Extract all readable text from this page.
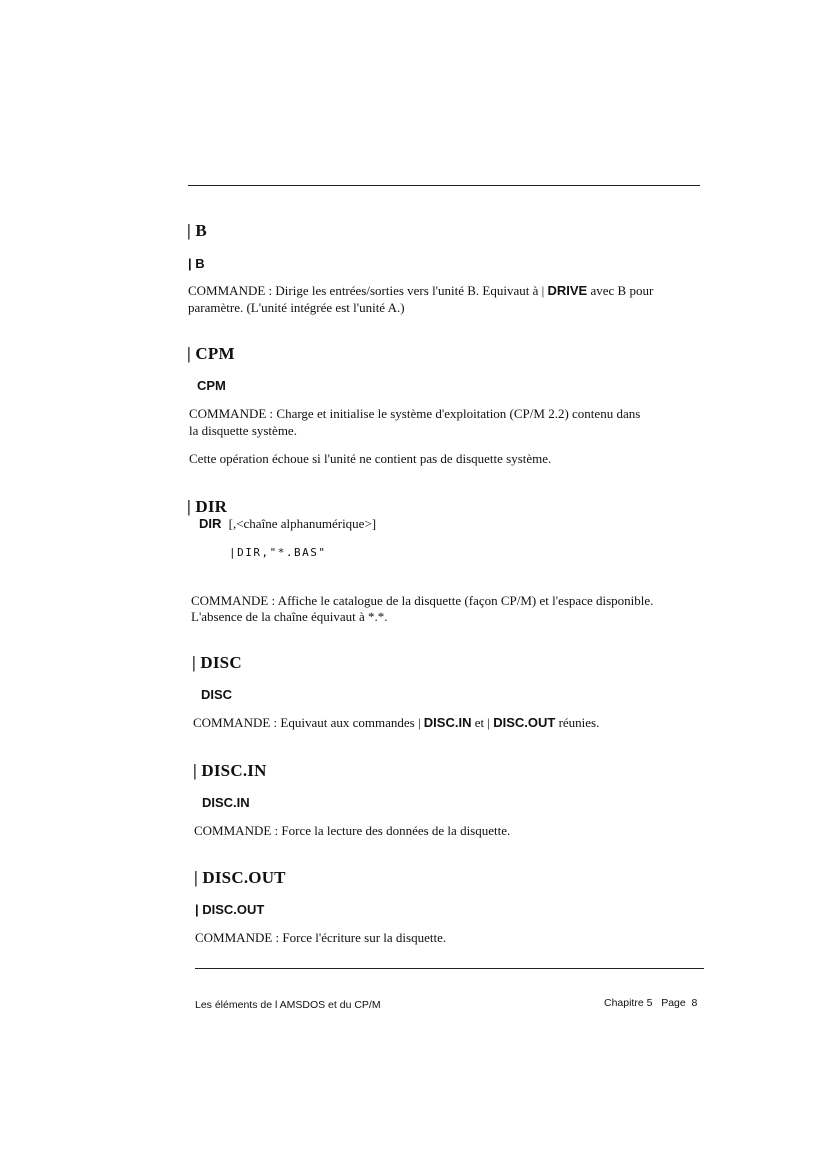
| B
| B
COMMANDE : Dirige les entrées/sorties vers l'unité B. Equivaut à | DRIVE avec B pour
paramètre. (L'unité intégrée est l'unité A.)
| CPM
CPM
COMMANDE : Charge et initialise le système d'exploitation (CP/M 2.2) contenu dans
la disquette système.
Cette opération échoue si l'unité ne contient pas de disquette système.
| DIR
DIR [,<chaîne alphanumérique>]
|DIR,"*.BAS"
COMMANDE : Affiche le catalogue de la disquette (façon CP/M) et l'espace disponible.
L'absence de la chaîne équivaut à *.*.
| DISC
DISC
COMMANDE : Equivaut aux commandes | DISC.IN et | DISC.OUT réunies.
| DISC.IN
DISC.IN
COMMANDE : Force la lecture des données de la disquette.
| DISC.OUT
| DISC.OUT
COMMANDE : Force l'écriture sur la disquette.
Les éléments de l AMSDOS et du CP/M	Chapitre 5   Page  8
